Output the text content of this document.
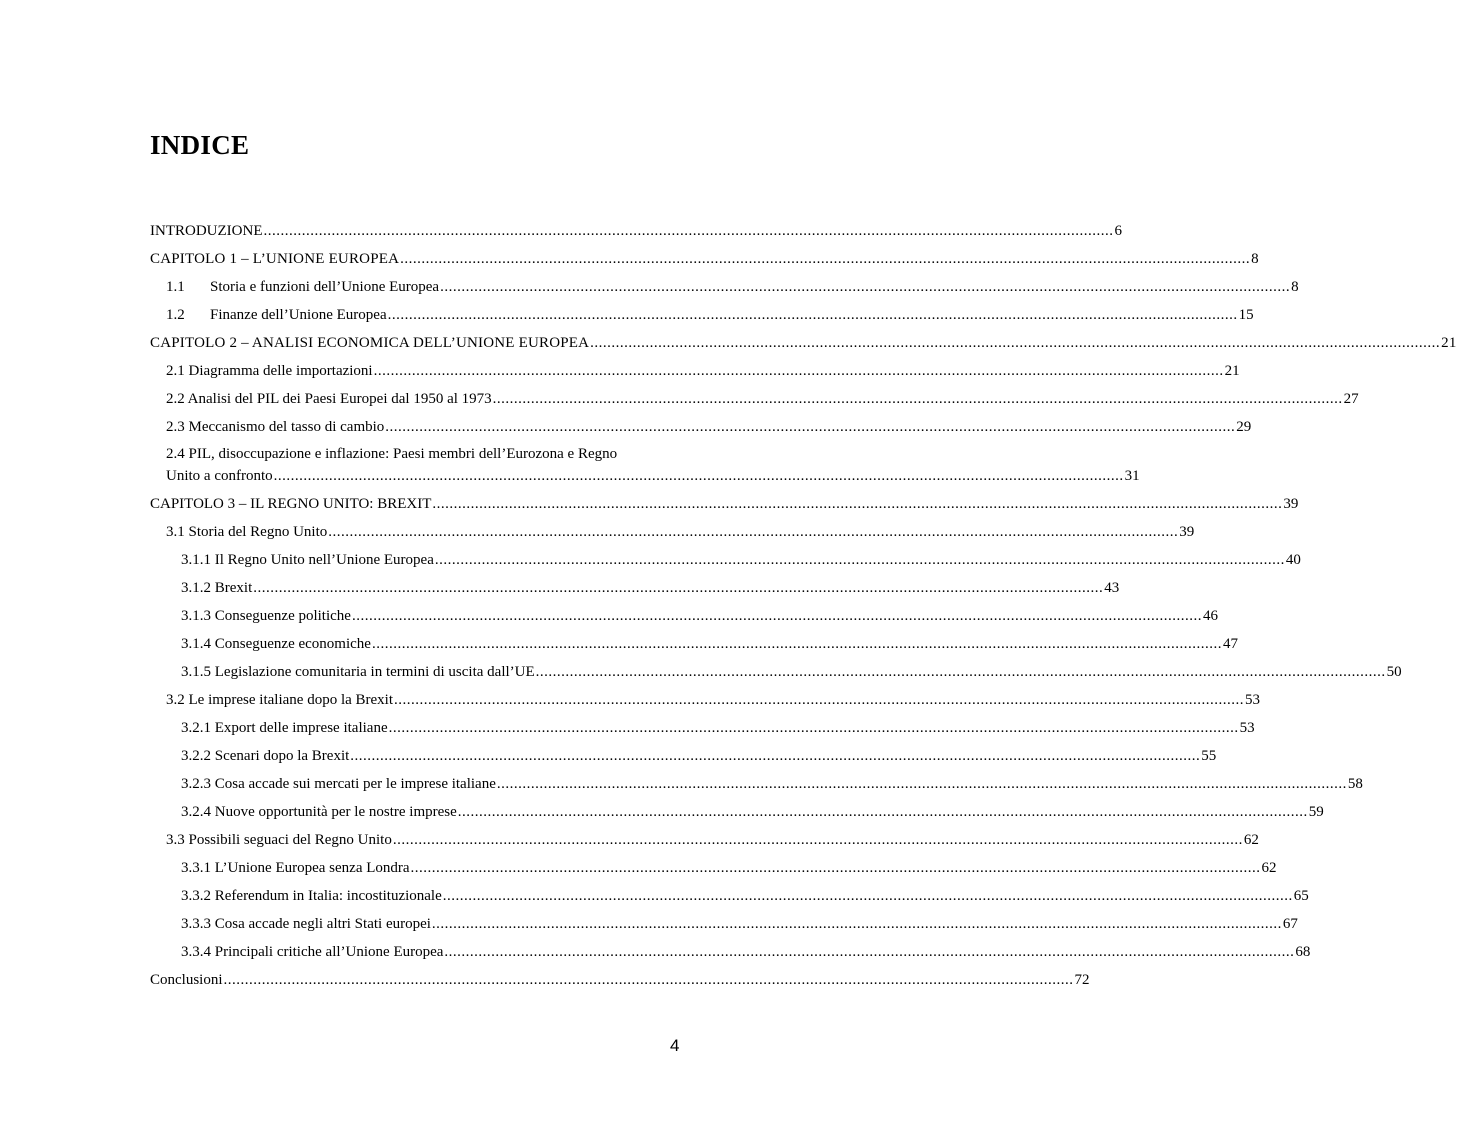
INDICE
INTRODUZIONE ........................................................................................................................................................................................................ 6
CAPITOLO 1 – L’UNIONE EUROPEA ........................................................................................................................................................................................................ 8
1.1	Storia e funzioni dell’Unione Europea ........................................................................................................................................................................................................ 8
1.2	Finanze dell’Unione Europea ........................................................................................................................................................................................................ 15
CAPITOLO 2 – ANALISI ECONOMICA DELL’UNIONE EUROPEA ........................................................................................................................................................................................................ 21
2.1 Diagramma delle importazioni ........................................................................................................................................................................................................ 21
2.2 Analisi del PIL dei Paesi Europei dal 1950 al 1973 ........................................................................................................................................................................................................ 27
2.3 Meccanismo del tasso di cambio ........................................................................................................................................................................................................ 29
2.4 PIL, disoccupazione e inflazione: Paesi membri dell’Eurozona e Regno
Unito a confronto ........................................................................................................................................................................................................ 31
CAPITOLO 3 – IL REGNO UNITO: BREXIT ........................................................................................................................................................................................................ 39
3.1 Storia del Regno Unito ........................................................................................................................................................................................................ 39
3.1.1 Il Regno Unito nell’Unione Europea ........................................................................................................................................................................................................ 40
3.1.2 Brexit ........................................................................................................................................................................................................ 43
3.1.3 Conseguenze politiche ........................................................................................................................................................................................................ 46
3.1.4 Conseguenze economiche ........................................................................................................................................................................................................ 47
3.1.5 Legislazione comunitaria in termini di uscita dall’UE ........................................................................................................................................................................................................ 50
3.2 Le imprese italiane dopo la Brexit ........................................................................................................................................................................................................ 53
3.2.1 Export delle imprese italiane ........................................................................................................................................................................................................ 53
3.2.2 Scenari dopo la Brexit ........................................................................................................................................................................................................ 55
3.2.3 Cosa accade sui mercati per le imprese italiane ........................................................................................................................................................................................................ 58
3.2.4 Nuove opportunità per le nostre imprese ........................................................................................................................................................................................................ 59
3.3 Possibili seguaci del Regno Unito ........................................................................................................................................................................................................ 62
3.3.1 L’Unione Europea senza Londra ........................................................................................................................................................................................................ 62
3.3.2 Referendum in Italia: incostituzionale ........................................................................................................................................................................................................ 65
3.3.3 Cosa accade negli altri Stati europei ........................................................................................................................................................................................................ 67
3.3.4 Principali critiche all’Unione Europea ........................................................................................................................................................................................................ 68
Conclusioni ........................................................................................................................................................................................................ 72
4
